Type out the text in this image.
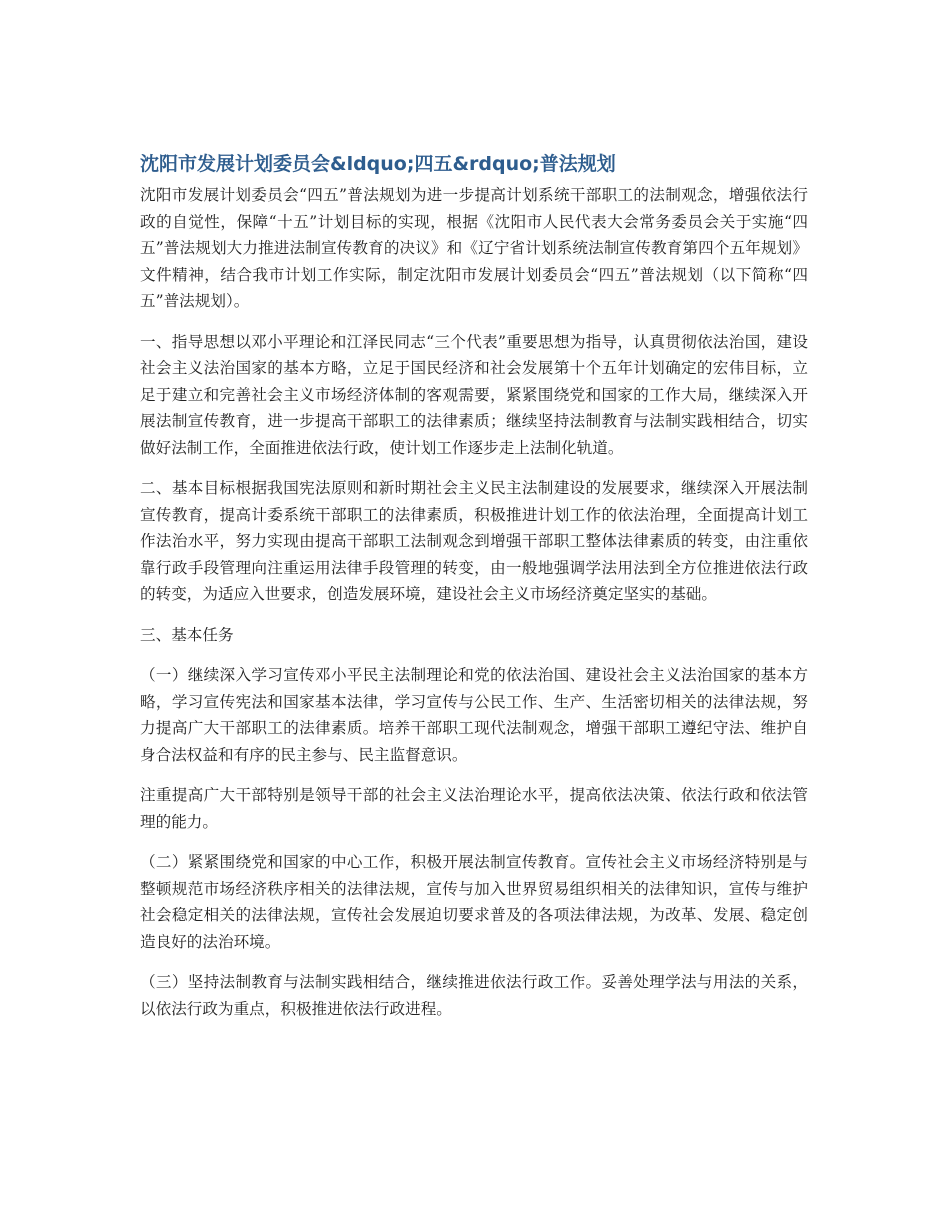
沈阳市发展计划委员会&ldquo;四五&rdquo;普法规划

沈阳市发展计划委员会“四五”普法规划为进一步提高计划系统干部职工的法制观念，增强依法行政的自觉性，保障“十五”计划目标的实现，根据《沈阳市人民代表大会常务委员会关于实施“四五”普法规划大力推进法制宣传教育的决议》和《辽宁省计划系统法制宣传教育第四个五年规划》文件精神，结合我市计划工作实际，制定沈阳市发展计划委员会“四五”普法规划（以下简称“四五”普法规划）。

一、指导思想以邓小平理论和江泽民同志“三个代表”重要思想为指导，认真贯彻依法治国，建设社会主义法治国家的基本方略，立足于国民经济和社会发展第十个五年计划确定的宏伟目标，立足于建立和完善社会主义市场经济体制的客观需要，紧紧围绕党和国家的工作大局，继续深入开展法制宣传教育，进一步提高干部职工的法律素质；继续坚持法制教育与法制实践相结合，切实做好法制工作，全面推进依法行政，使计划工作逐步走上法制化轨道。

二、基本目标根据我国宪法原则和新时期社会主义民主法制建设的发展要求，继续深入开展法制宣传教育，提高计委系统干部职工的法律素质，积极推进计划工作的依法治理，全面提高计划工作法治水平，努力实现由提高干部职工法制观念到增强干部职工整体法律素质的转变，由注重依靠行政手段管理向注重运用法律手段管理的转变，由一般地强调学法用法到全方位推进依法行政的转变，为适应入世要求，创造发展环境，建设社会主义市场经济奠定坚实的基础。

三、基本任务

（一）继续深入学习宣传邓小平民主法制理论和党的依法治国、建设社会主义法治国家的基本方略，学习宣传宪法和国家基本法律，学习宣传与公民工作、生产、生活密切相关的法律法规，努力提高广大干部职工的法律素质。培养干部职工现代法制观念，增强干部职工遵纪守法、维护自身合法权益和有序的民主参与、民主监督意识。

注重提高广大干部特别是领导干部的社会主义法治理论水平，提高依法决策、依法行政和依法管理的能力。

（二）紧紧围绕党和国家的中心工作，积极开展法制宣传教育。宣传社会主义市场经济特别是与整顿规范市场经济秩序相关的法律法规，宣传与加入世界贸易组织相关的法律知识，宣传与维护社会稳定相关的法律法规，宣传社会发展迫切要求普及的各项法律法规，为改革、发展、稳定创造良好的法治环境。

（三）坚持法制教育与法制实践相结合，继续推进依法行政工作。妥善处理学法与用法的关系，以依法行政为重点，积极推进依法行政进程。
